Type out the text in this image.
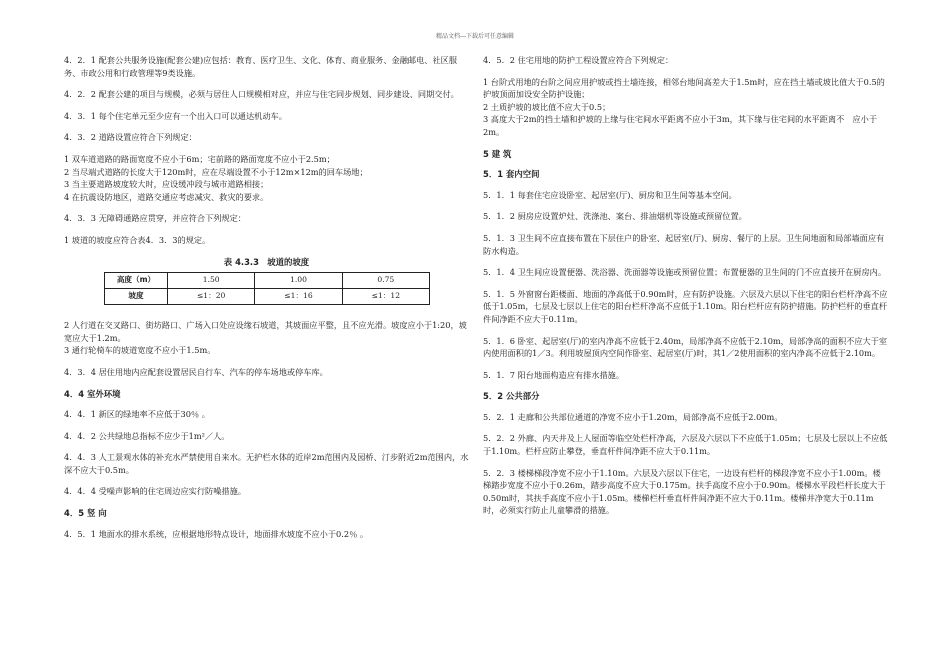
精品文档---下载后可任意编辑

4．2．1 配套公共服务设施(配套公建)应包括：教育、医疗卫生、文化、体育、商业服务、金融邮电、社区服务、市政公用和行政管理等9类设施。

4．2．2 配套公建的项目与规模，必须与居住人口规模相对应，并应与住宅同步规划、同步建设、同期交付。

4．3．1 每个住宅单元至少应有一个出入口可以通达机动车。

4．3．2 道路设置应符合下列规定：

1 双车道道路的路面宽度不应小于6m；宅前路的路面宽度不应小于2.5m；

2 当尽端式道路的长度大于120m时，应在尽端设置不小于12m×12m的回车场地；

3 当主要道路坡度较大时，应设缓冲段与城市道路相接；

4 在抗震设防地区，道路交通应考虑减灾、救灾的要求。

4．3．3 无障碍通路应贯穿，并应符合下列规定：

1 坡道的坡度应符合表4．3．3的规定。

表 4.3.3　坡道的坡度
高度（m）	1.50	1.00	0.75
坡度	≤1：20	≤1：16	≤1：12

2 人行道在交叉路口、街坊路口、广场入口处应设缘石坡道，其坡面应平整，且不应光滑。坡度应小于1:20，坡宽应大于1.2m。

3 通行轮椅车的坡道宽度不应小于1.5m。

4．3．4 居住用地内应配套设置居民自行车、汽车的停车场地或停车库。

4．4 室外环境

4．4．1 新区的绿地率不应低于30％ 。

4．4．2 公共绿地总指标不应少于1m²／人。

4．4．3 人工景观水体的补充水严禁使用自来水。无护栏水体的近岸2m范围内及园桥、汀步附近2m范围内，水深不应大于0.5m。

4．4．4 受噪声影响的住宅周边应实行防噪措施。

4．5 竖 向

4．5．1 地面水的排水系统，应根据地形特点设计，地面排水坡度不应小于0.2％ 。

4．5．2 住宅用地的防护工程设置应符合下列规定：

1 台阶式用地的台阶之间应用护坡或挡土墙连接，相邻台地间高差大于1.5m时，应在挡土墙或坡比值大于0.5的护坡顶面加设安全防护设施；

2 土质护坡的坡比值不应大于0.5；

3 高度大于2m的挡土墙和护坡的上缘与住宅间水平距离不应小于3m，其下缘与住宅间的水平距离不　应小于2m。

5 建 筑
5．1 套内空间

5．1．1 每套住宅应设卧室、起居室(厅)、厨房和卫生间等基本空间。

5．1．2 厨房应设置炉灶、洗涤池、案台、排油烟机等设施或预留位置。

5．1．3 卫生间不应直接布置在下层住户的卧室、起居室(厅)、厨房、餐厅的上层。卫生间地面和局部墙面应有防水构造。

5．1．4 卫生间应设置便器、洗浴器、洗面器等设施或预留位置；布置便器的卫生间的门不应直接开在厨房内。

5．1．5 外窗窗台距楼面、地面的净高低于0.90m时，应有防护设施。六层及六层以下住宅的阳台栏杆净高不应低于1.05m，七层及七层以上住宅的阳台栏杆净高不应低于1.10m。阳台栏杆应有防护措施。防护栏杆的垂直杆件间净距不应大于0.11m。

5．1．6 卧室、起居室(厅)的室内净高不应低于2.40m，局部净高不应低于2.10m，局部净高的面积不应大于室内使用面积的1／3。利用坡屋顶内空间作卧室、起居室(厅)时，其1／2使用面积的室内净高不应低于2.10m。

5．1．7 阳台地面构造应有排水措施。

5．2 公共部分

5．2．1 走廊和公共部位通道的净宽不应小于1.20m，局部净高不应低于2.00m。

5．2．2 外廊、内天井及上人屋面等临空处栏杆净高，六层及六层以下不应低于1.05m；七层及七层以上不应低于1.10m。栏杆应防止攀登，垂直杆件间净距不应大于0.11m。

5．2．3 楼梯梯段净宽不应小于1.10m。六层及六层以下住宅，一边设有栏杆的梯段净宽不应小于1.00m。楼梯踏步宽度不应小于0.26m，踏步高度不应大于0.175m。扶手高度不应小于0.90m。楼梯水平段栏杆长度大于0.50m时，其扶手高度不应小于1.05m。楼梯栏杆垂直杆件间净距不应大于0.11m。楼梯井净宽大于0.11m时，必须实行防止儿童攀滑的措施。
